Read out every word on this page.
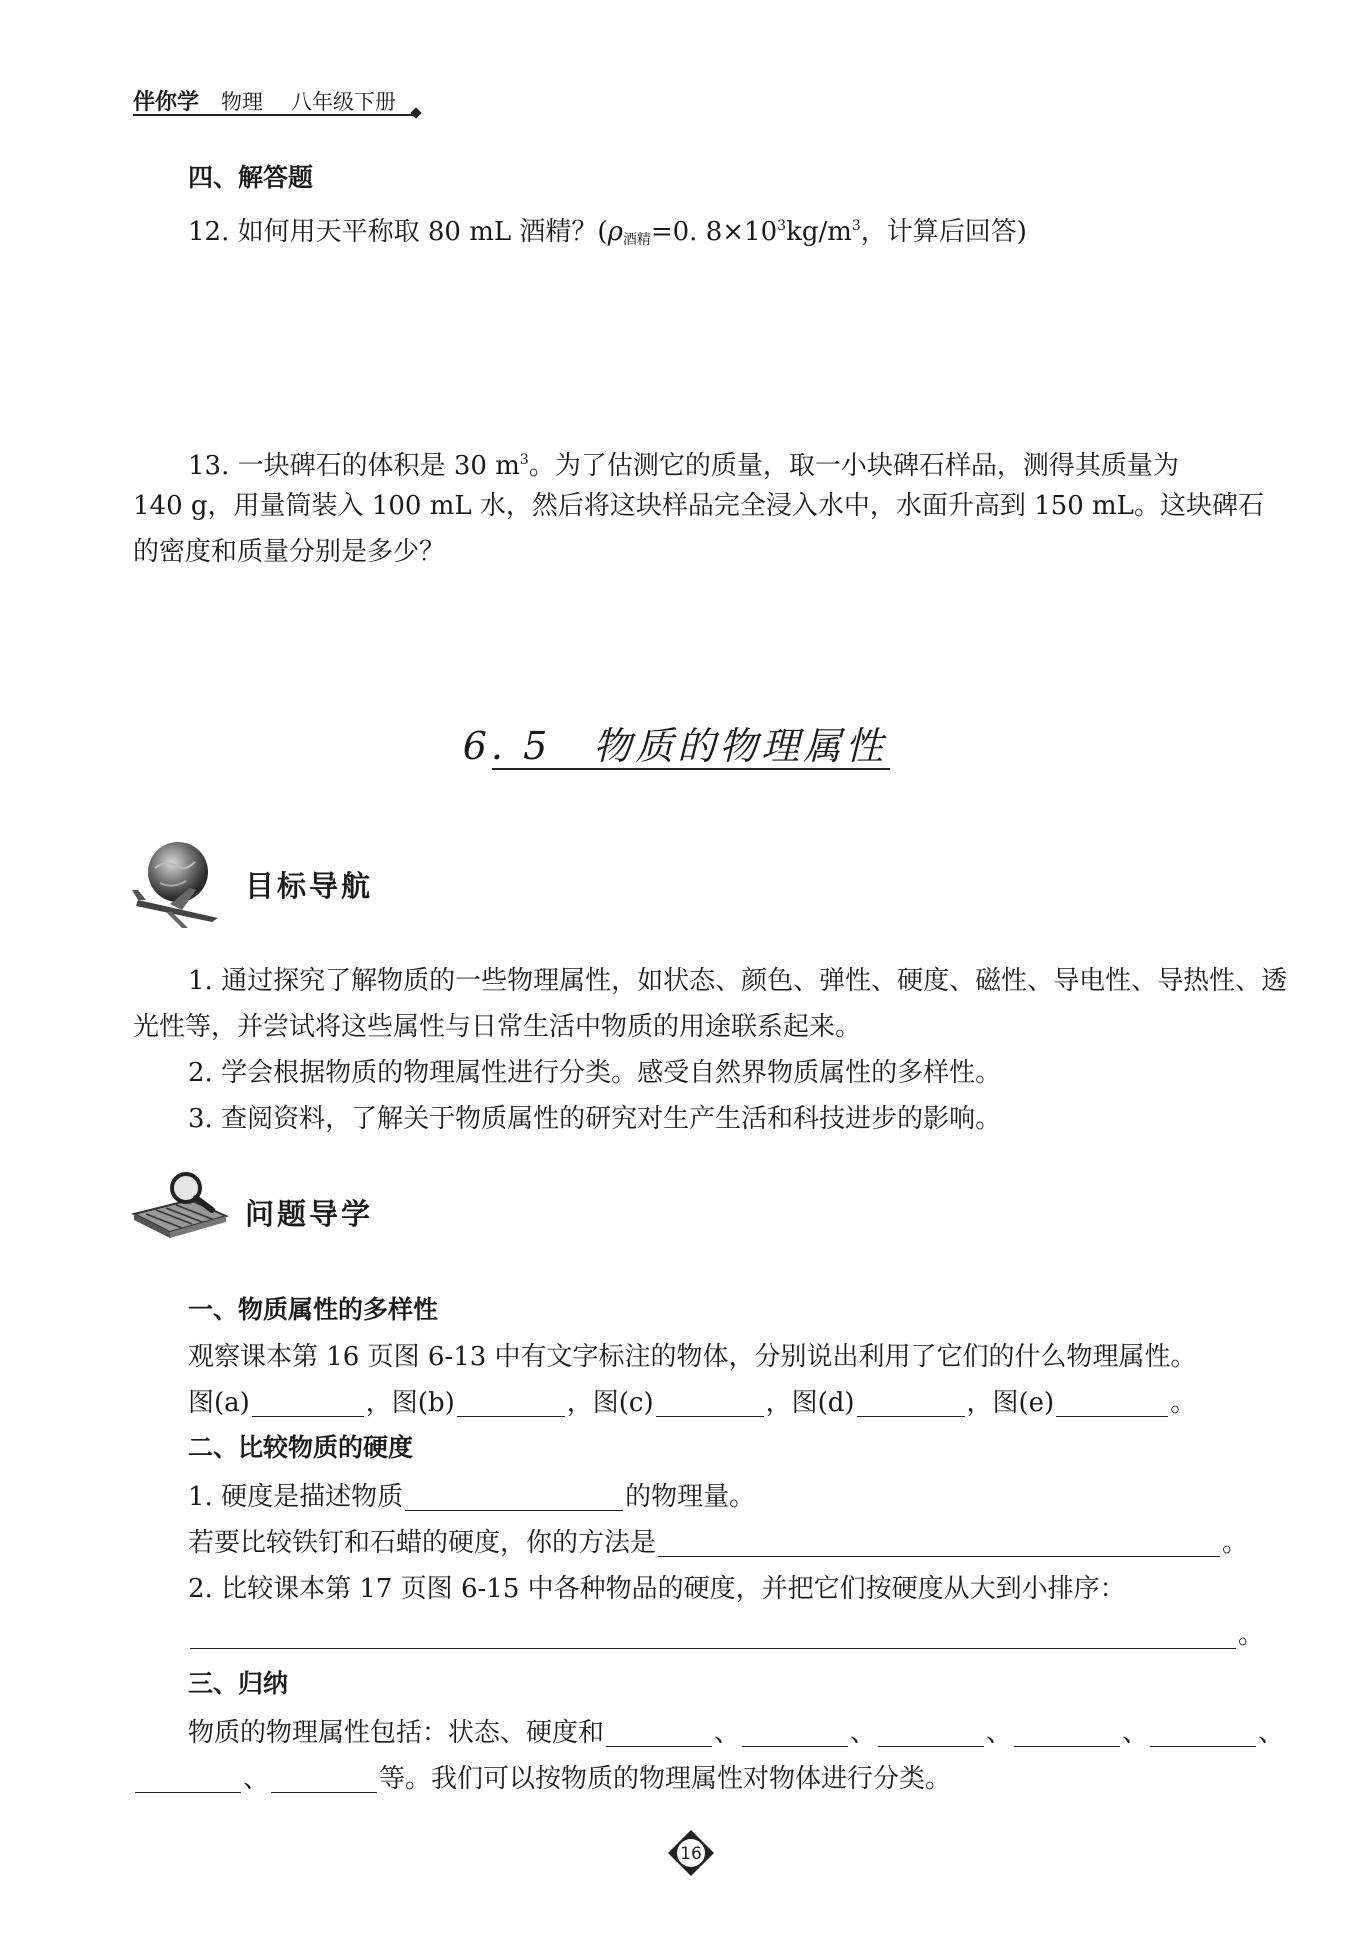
伴你学 物理 八年级下册
四、解答题
12. 如何用天平称取 80 mL 酒精？($\rho_{酒精}=0$. $8\times 10^3kg/m^3$，计算后回答)
13. 一块碑石的体积是 30 $m^3$。为了估测它的质量，取一小块碑石样品，测得其质量为
140 g，用量筒装入 100 mL 水，然后将这块样品完全浸入水中，水面升高到 150 mL。这块碑石
的密度和质量分别是多少？
6. 5　物质的物理属性
目标导航
1. 通过探究了解物质的一些物理属性，如状态、颜色、弹性、硬度、磁性、导电性、导热性、透
光性等，并尝试将这些属性与日常生活中物质的用途联系起来。
2. 学会根据物质的物理属性进行分类。感受自然界物质属性的多样性。
3. 查阅资料，了解关于物质属性的研究对生产生活和科技进步的影响。
问题导学
一、物质属性的多样性
观察课本第 16 页图 6-13 中有文字标注的物体，分别说出利用了它们的什么物理属性。
图(a)	，图(b)	，图(c)	，图(d)	，图(e)	。
二、比较物质的硬度
1. 硬度是描述物质	的物理量。
若要比较铁钉和石蜡的硬度，你的方法是	。
2. 比较课本第 17 页图 6-15 中各种物品的硬度，并把它们按硬度从大到小排序：
。
三、归纳
物质的物理属性包括：状态、硬度和	、	、	、	、	、
、	等。我们可以按物质的物理属性对物体进行分类。
16
